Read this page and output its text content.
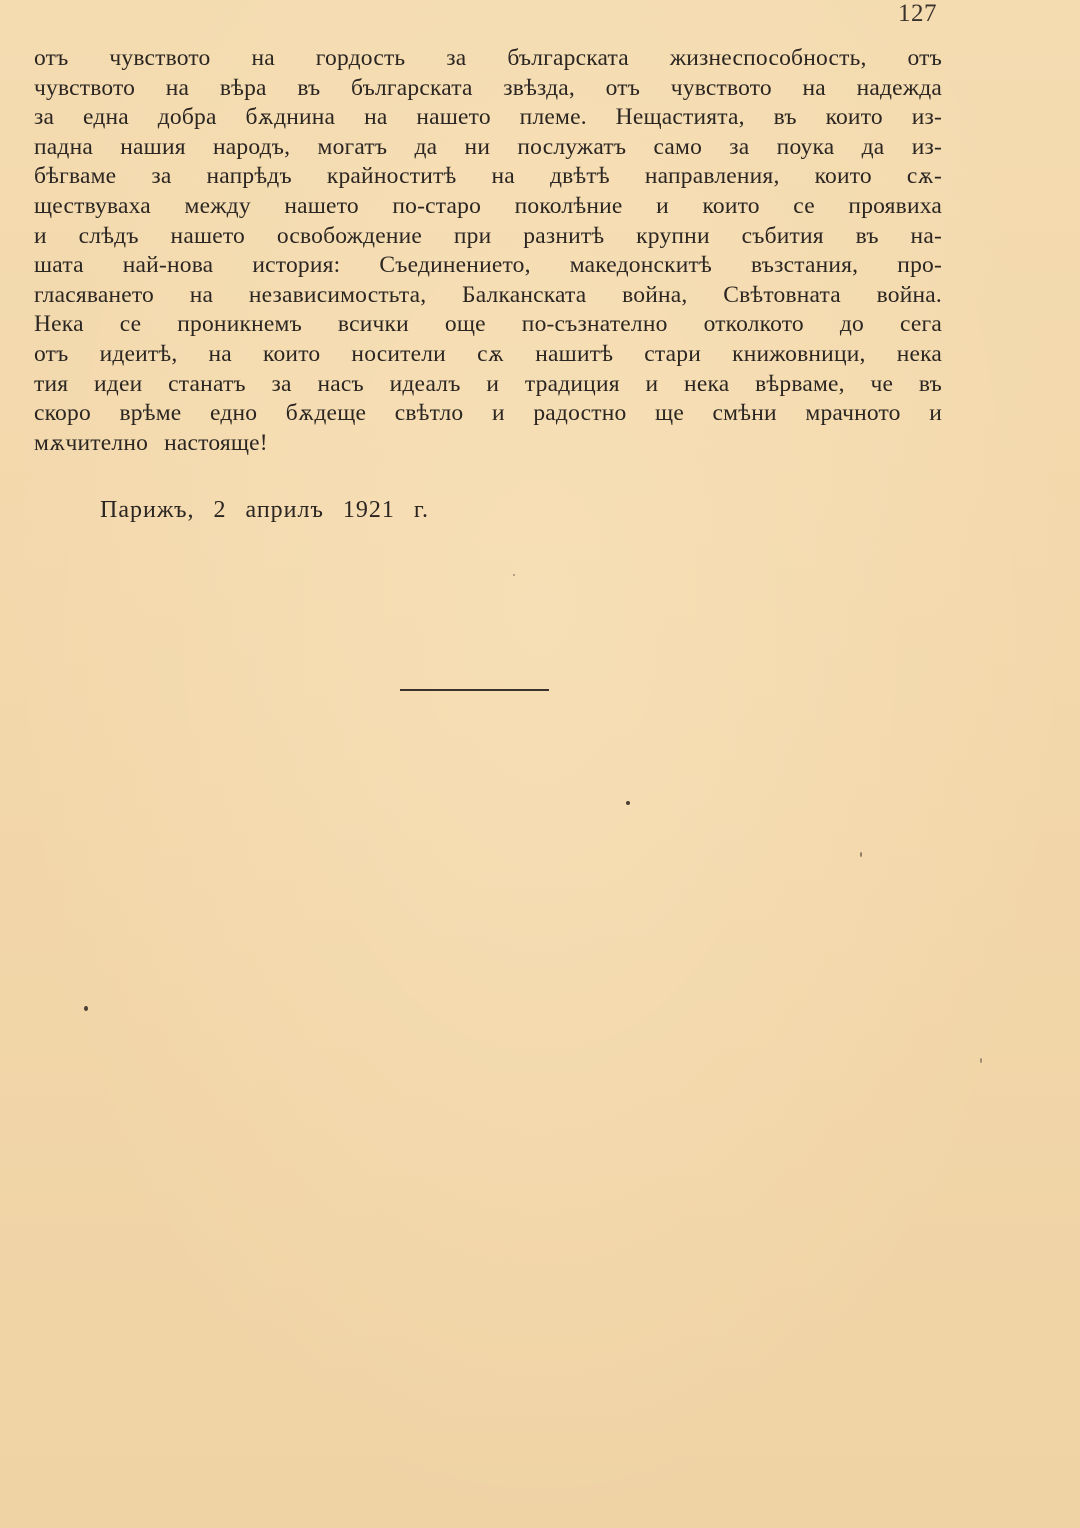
127
отъ чувството на гордость за българската жизнеспособность, отъ
чувството на вѣра въ българската звѣзда, отъ чувството на надежда
за една добра бѫднина на нашето племе. Нещастията, въ които из-
падна нашия народъ, могатъ да ни послужатъ само за поука да из-
бѣгваме за напрѣдъ крайноститѣ на двѣтѣ направления, които сѫ-
ществуваха между нашето по-старо поколѣние и които се проявиха
и слѣдъ нашето освобождение при разнитѣ крупни събития въ на-
шата най-нова история: Съединението, македонскитѣ възстания, про-
гласяването на независимостьта, Балканската война, Свѣтовната война.
Нека се проникнемъ всички още по-съзнателно отколкото до сега
отъ идеитѣ, на които носители сѫ нашитѣ стари книжовници, нека
тия идеи станатъ за насъ идеалъ и традиция и нека вѣрваме, че въ
скоро врѣме едно бѫдеще свѣтло и радостно ще смѣни мрачното и
мѫчително настояще!
Парижъ, 2 априлъ 1921 г.
